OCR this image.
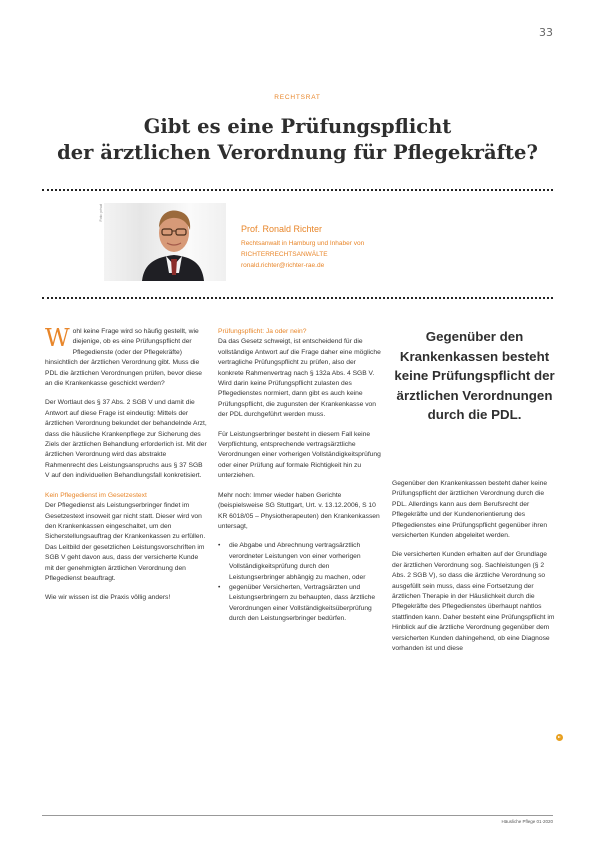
33
RECHTSRAT
Gibt es eine Prüfungspflicht
der ärztlichen Verordnung für Pflegekräfte?
Foto: privat
Prof. Ronald Richter
Rechtsanwalt in Hamburg und Inhaber von
RICHTERRECHTSANWÄLTE
ronald.richter@richter-rae.de

Wohl keine Frage wird so häufig gestellt, wie diejenige, ob es eine Prüfungspflicht der Pflegedienste (oder der Pflegekräfte) hinsichtlich der ärztlichen Verordnung gibt. Muss die PDL die ärztlichen Verordnungen prüfen, bevor diese an die Krankenkasse geschickt werden?

Der Wortlaut des § 37 Abs. 2 SGB V und damit die Antwort auf diese Frage ist eindeutig: Mittels der ärztlichen Verordnung bekundet der behandelnde Arzt, dass die häusliche Krankenpflege zur Sicherung des Ziels der ärztlichen Behandlung erforderlich ist. Mit der ärztlichen Verordnung wird das abstrakte Rahmenrecht des Leistungsanspruchs aus § 37 SGB V auf den individuellen Behandlungsfall konkretisiert.

Kein Pflegedienst im Gesetzestext

Der Pflegedienst als Leistungserbringer findet im Gesetzestext insoweit gar nicht statt. Dieser wird von den Krankenkassen eingeschaltet, um den Sicherstellungsauftrag der Krankenkassen zu erfüllen. Das Leitbild der gesetzlichen Leistungsvorschriften im SGB V geht davon aus, dass der versicherte Kunde mit der genehmigten ärztlichen Verordnung den Pflegedienst beauftragt.

Wie wir wissen ist die Praxis völlig anders!

Prüfungspflicht: Ja oder nein?

Da das Gesetz schweigt, ist entscheidend für die vollständige Antwort auf die Frage daher eine mögliche vertragliche Prüfungspflicht zu prüfen, also der konkrete Rahmenvertrag nach § 132a Abs. 4 SGB V. Wird darin keine Prüfungspflicht zulasten des Pflegedienstes normiert, dann gibt es auch keine Prüfungspflicht, die zugunsten der Krankenkasse von der PDL durchgeführt werden muss.

Für Leistungserbringer besteht in diesem Fall keine Verpflichtung, entsprechende vertragsärztliche Verordnungen einer vorherigen Vollständigkeitsprüfung oder einer Prüfung auf formale Richtigkeit hin zu unterziehen.

Mehr noch: Immer wieder haben Gerichte (beispielsweise SG Stuttgart, Urt. v. 13.12.2006, S 10 KR 6018/05 – Physiotherapeuten) den Krankenkassen untersagt,

• die Abgabe und Abrechnung vertragsärztlich verordneter Leistungen von einer vorherigen Vollständigkeitsprüfung durch den Leistungserbringer abhängig zu machen, oder
• gegenüber Versicherten, Vertragsärzten und Leistungserbringern zu behaupten, dass ärztliche Verordnungen einer Vollständigkeitsüberprüfung durch den Leistungserbringer bedürfen.
Gegenüber den Krankenkassen besteht keine Prüfungspflicht der ärztlichen Verordnungen durch die PDL.

Gegenüber den Krankenkassen besteht daher keine Prüfungspflicht der ärztlichen Verordnung durch die PDL. Allerdings kann aus dem Berufsrecht der Pflegekräfte und der Kundenorientierung des Pflegedienstes eine Prüfungspflicht gegenüber ihren versicherten Kunden abgeleitet werden.

Die versicherten Kunden erhalten auf der Grundlage der ärztlichen Verordnung sog. Sachleistungen (§ 2 Abs. 2 SGB V), so dass die ärztliche Verordnung so ausgefüllt sein muss, dass eine Fortsetzung der ärztlichen Therapie in der Häuslichkeit durch die Pflegekräfte des Pflegedienstes überhaupt nahtlos stattfinden kann. Daher besteht eine Prüfungspflicht im Hinblick auf die ärztliche Verordnung gegenüber dem versicherten Kunden dahingehend, ob eine Diagnose vorhanden ist und diese

Häusliche Pflege 01·2020
